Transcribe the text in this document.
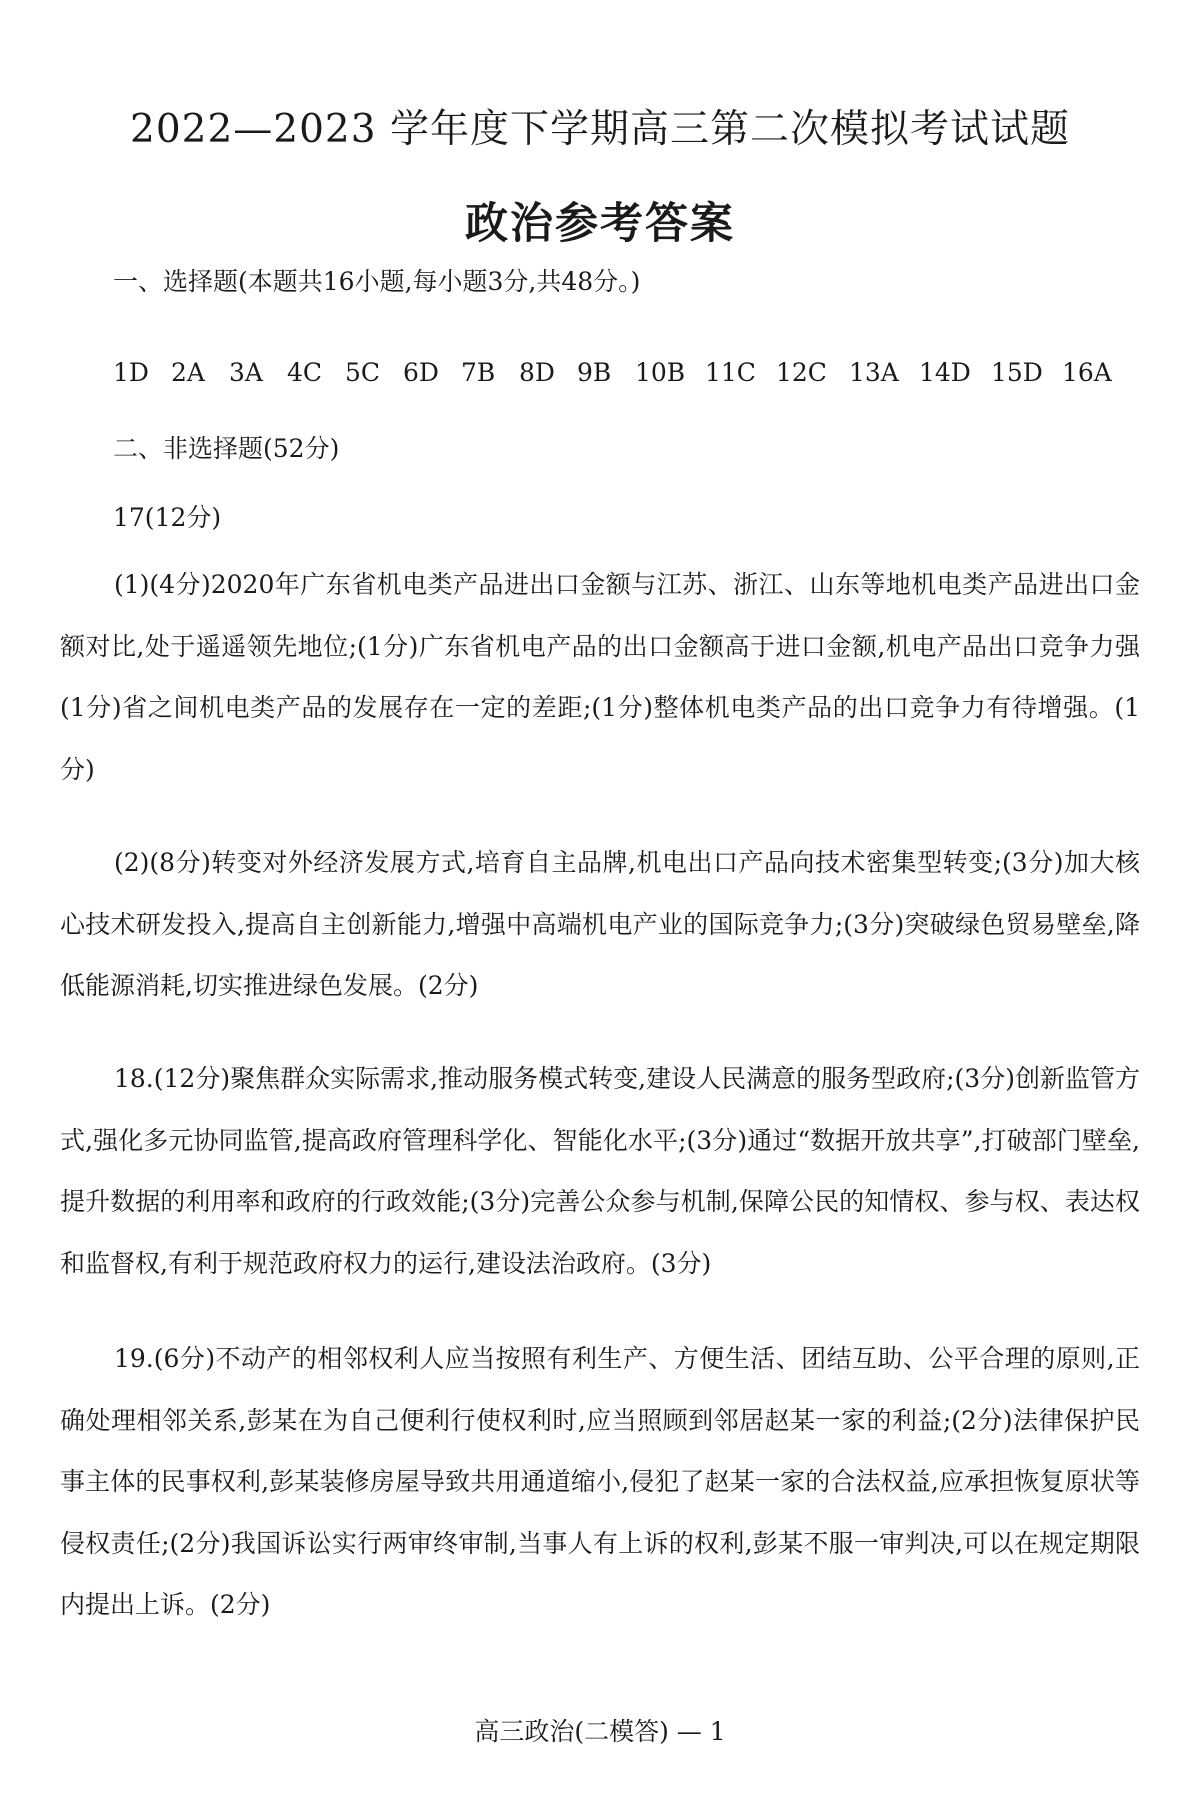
2022—2023 学年度下学期高三第二次模拟考试试题
政治参考答案
一、选择题(本题共16小题,每小题3分,共48分。)
1D 2A 3A 4C 5C 6D 7B 8D 9B 10B 11C 12C 13A 14D 15D 16A
二、非选择题(52分)
17(12分)
(1)(4分)2020年广东省机电类产品进出口金额与江苏、浙江、山东等地机电类产品进出口金额对比,处于遥遥领先地位;(1分)广东省机电产品的出口金额高于进口金额,机电产品出口竞争力强(1分)省之间机电类产品的发展存在一定的差距;(1分)整体机电类产品的出口竞争力有待增强。(1分)
(2)(8分)转变对外经济发展方式,培育自主品牌,机电出口产品向技术密集型转变;(3分)加大核心技术研发投入,提高自主创新能力,增强中高端机电产业的国际竞争力;(3分)突破绿色贸易壁垒,降低能源消耗,切实推进绿色发展。(2分)
18.(12分)聚焦群众实际需求,推动服务模式转变,建设人民满意的服务型政府;(3分)创新监管方式,强化多元协同监管,提高政府管理科学化、智能化水平;(3分)通过“数据开放共享”,打破部门壁垒,提升数据的利用率和政府的行政效能;(3分)完善公众参与机制,保障公民的知情权、参与权、表达权和监督权,有利于规范政府权力的运行,建设法治政府。(3分)
19.(6分)不动产的相邻权利人应当按照有利生产、方便生活、团结互助、公平合理的原则,正确处理相邻关系,彭某在为自己便利行使权利时,应当照顾到邻居赵某一家的利益;(2分)法律保护民事主体的民事权利,彭某装修房屋导致共用通道缩小,侵犯了赵某一家的合法权益,应承担恢复原状等侵权责任;(2分)我国诉讼实行两审终审制,当事人有上诉的权利,彭某不服一审判决,可以在规定期限内提出上诉。(2分)
高三政治(二模答) — 1
